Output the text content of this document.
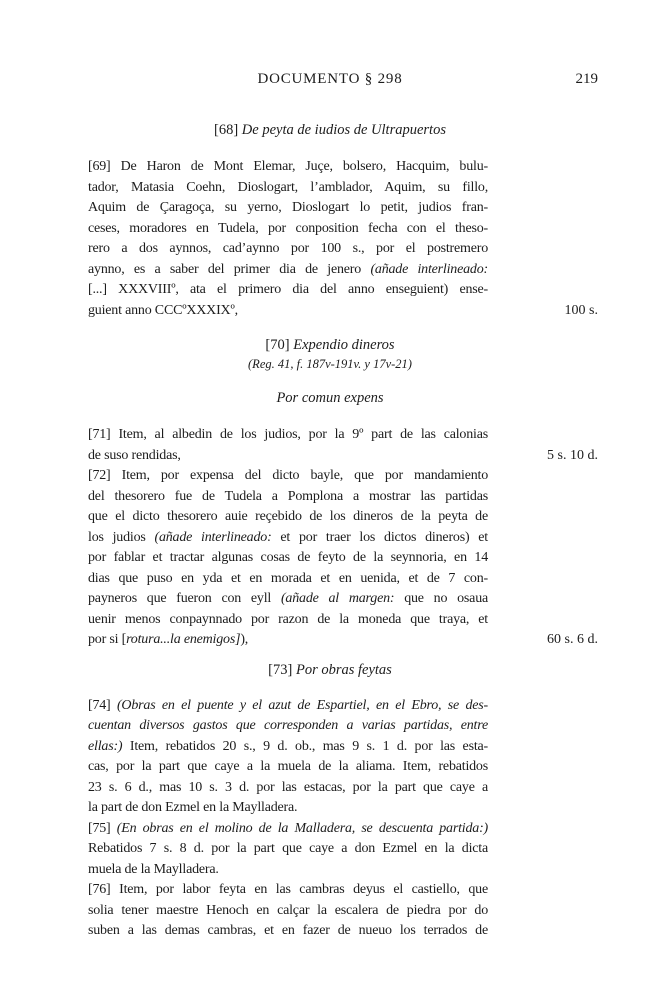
DOCUMENTO § 298	219
[68] De peyta de iudios de Ultrapuertos
[69] De Haron de Mont Elemar, Juçe, bolsero, Hacquim, bulu-
tador, Matasia Coehn, Dioslogart, l’amblador, Aquim, su fillo,
Aquim de Çaragoça, su yerno, Dioslogart lo petit, judios fran-
ceses, moradores en Tudela, por conposition fecha con el theso-
rero a dos aynnos, cad’aynno por 100 s., por el postremero
aynno, es a saber del primer dia de jenero (añade interlineado:
[...] XXXVIIIº, ata el primero dia del anno enseguient) ense-
guient anno CCCºXXXIXº,	100 s.
[70] Expendio dineros
(Reg. 41, f. 187v-191v. y 17v-21)
Por comun expens
[71] Item, al albedin de los judios, por la 9º part de las calonias
de suso rendidas,	5 s. 10 d.
[72] Item, por expensa del dicto bayle, que por mandamiento
del thesorero fue de Tudela a Pomplona a mostrar las partidas
que el dicto thesorero auie reçebido de los dineros de la peyta de
los judios (añade interlineado: et por traer los dictos dineros) et
por fablar et tractar algunas cosas de feyto de la seynnoria, en 14
dias que puso en yda et en morada et en uenida, et de 7 con-
payneros que fueron con eyll (añade al margen: que no osaua
uenir menos conpaynnado por razon de la moneda que traya, et
por si [rotura...la enemigos]),	60 s. 6 d.
[73] Por obras feytas
[74] (Obras en el puente y el azut de Espartiel, en el Ebro, se des-
cuentan diversos gastos que corresponden a varias partidas, entre
ellas:) Item, rebatidos 20 s., 9 d. ob., mas 9 s. 1 d. por las esta-
cas, por la part que caye a la muela de la aliama. Item, rebatidos
23 s. 6 d., mas 10 s. 3 d. por las estacas, por la part que caye a
la part de don Ezmel en la Maylladera.
[75] (En obras en el molino de la Malladera, se descuenta partida:)
Rebatidos 7 s. 8 d. por la part que caye a don Ezmel en la dicta
muela de la Maylladera.
[76] Item, por labor feyta en las cambras deyus el castiello, que
solia tener maestre Henoch en calçar la escalera de piedra por do
suben a las demas cambras, et en fazer de nueuo los terrados de
